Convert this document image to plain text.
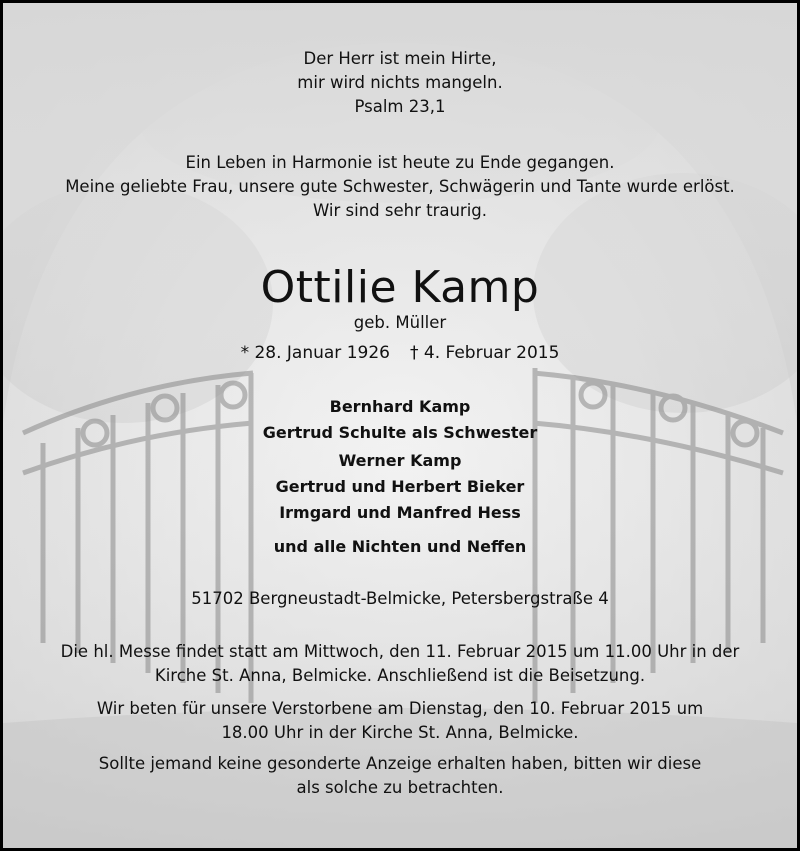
Der Herr ist mein Hirte,
mir wird nichts mangeln.
Psalm 23,1
Ein Leben in Harmonie ist heute zu Ende gegangen.
Meine geliebte Frau, unsere gute Schwester, Schwägerin und Tante wurde erlöst.
Wir sind sehr traurig.
Ottilie Kamp
geb. Müller
* 28. Januar 1926 † 4. Februar 2015
Bernhard Kamp
Gertrud Schulte als Schwester
Werner Kamp
Gertrud und Herbert Bieker
Irmgard und Manfred Hess
und alle Nichten und Neffen
51702 Bergneustadt-Belmicke, Petersbergstraße 4
Die hl. Messe findet statt am Mittwoch, den 11. Februar 2015 um 11.00 Uhr in der
Kirche St. Anna, Belmicke. Anschließend ist die Beisetzung.
Wir beten für unsere Verstorbene am Dienstag, den 10. Februar 2015 um
18.00 Uhr in der Kirche St. Anna, Belmicke.
Sollte jemand keine gesonderte Anzeige erhalten haben, bitten wir diese
als solche zu betrachten.
